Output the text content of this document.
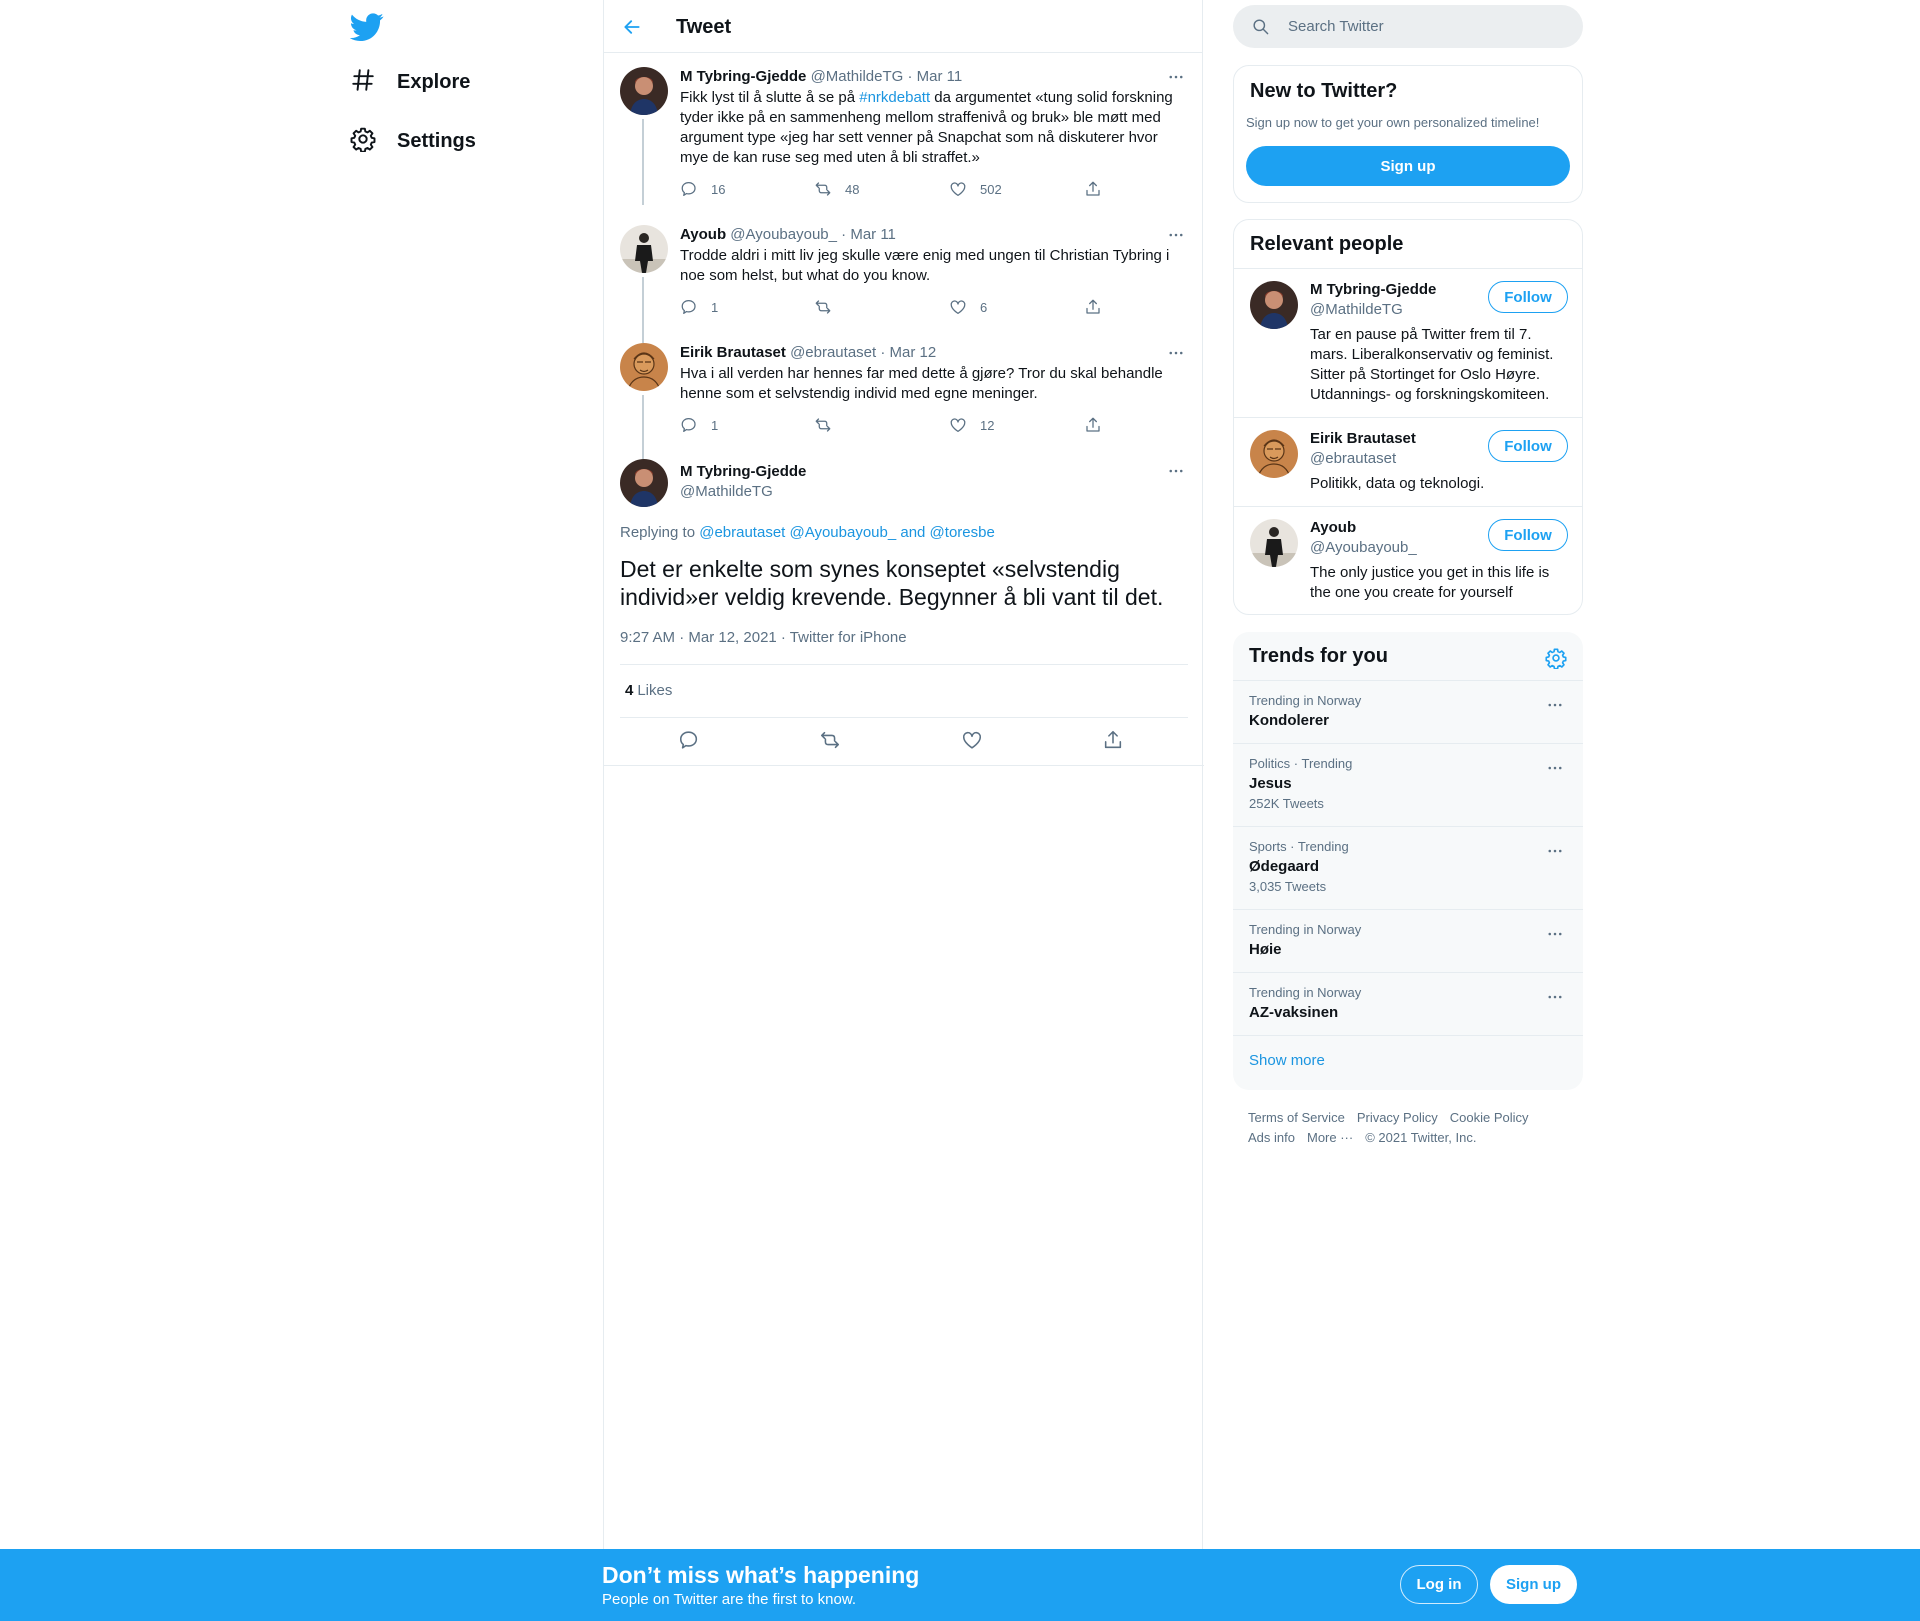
Explore
Settings
Tweet
M Tybring-Gjedde @MathildeTG · Mar 11
Fikk lyst til å slutte å se på #nrkdebatt da argumentet «tung solid forskning tyder ikke på en sammenheng mellom straffenivå og bruk» ble møtt med argument type «jeg har sett venner på Snapchat som nå diskuterer hvor mye de kan ruse seg med uten å bli straffet.»
16	48	502
Ayoub @Ayoubayoub_ · Mar 11
Trodde aldri i mitt liv jeg skulle være enig med ungen til Christian Tybring i noe som helst, but what do you know.
1	6
Eirik Brautaset @ebrautaset · Mar 12
Hva i all verden har hennes far med dette å gjøre? Tror du skal behandle henne som et selvstendig individ med egne meninger.
1	12
M Tybring-Gjedde
@MathildeTG
Replying to @ebrautaset @Ayoubayoub_ and @toresbe
Det er enkelte som synes konseptet «selvstendig individ»er veldig krevende. Begynner å bli vant til det.
9:27 AM · Mar 12, 2021 · Twitter for iPhone
4 Likes
Search Twitter
New to Twitter?
Sign up now to get your own personalized timeline!
Sign up
Relevant people
M Tybring-Gjedde
@MathildeTG
Tar en pause på Twitter frem til 7. mars. Liberalkonservativ og feminist. Sitter på Stortinget for Oslo Høyre. Utdannings- og forskningskomiteen.
Follow
Eirik Brautaset
@ebrautaset
Politikk, data og teknologi.
Follow
Ayoub
@Ayoubayoub_
The only justice you get in this life is the one you create for yourself
Follow
Trends for you
Trending in Norway
Kondolerer
Politics · Trending
Jesus
252K Tweets
Sports · Trending
Ødegaard
3,035 Tweets
Trending in Norway
Høie
Trending in Norway
AZ-vaksinen
Show more
Terms of Service Privacy Policy Cookie Policy
Ads info More ··· © 2021 Twitter, Inc.
Don’t miss what’s happening
People on Twitter are the first to know.
Log in	Sign up
